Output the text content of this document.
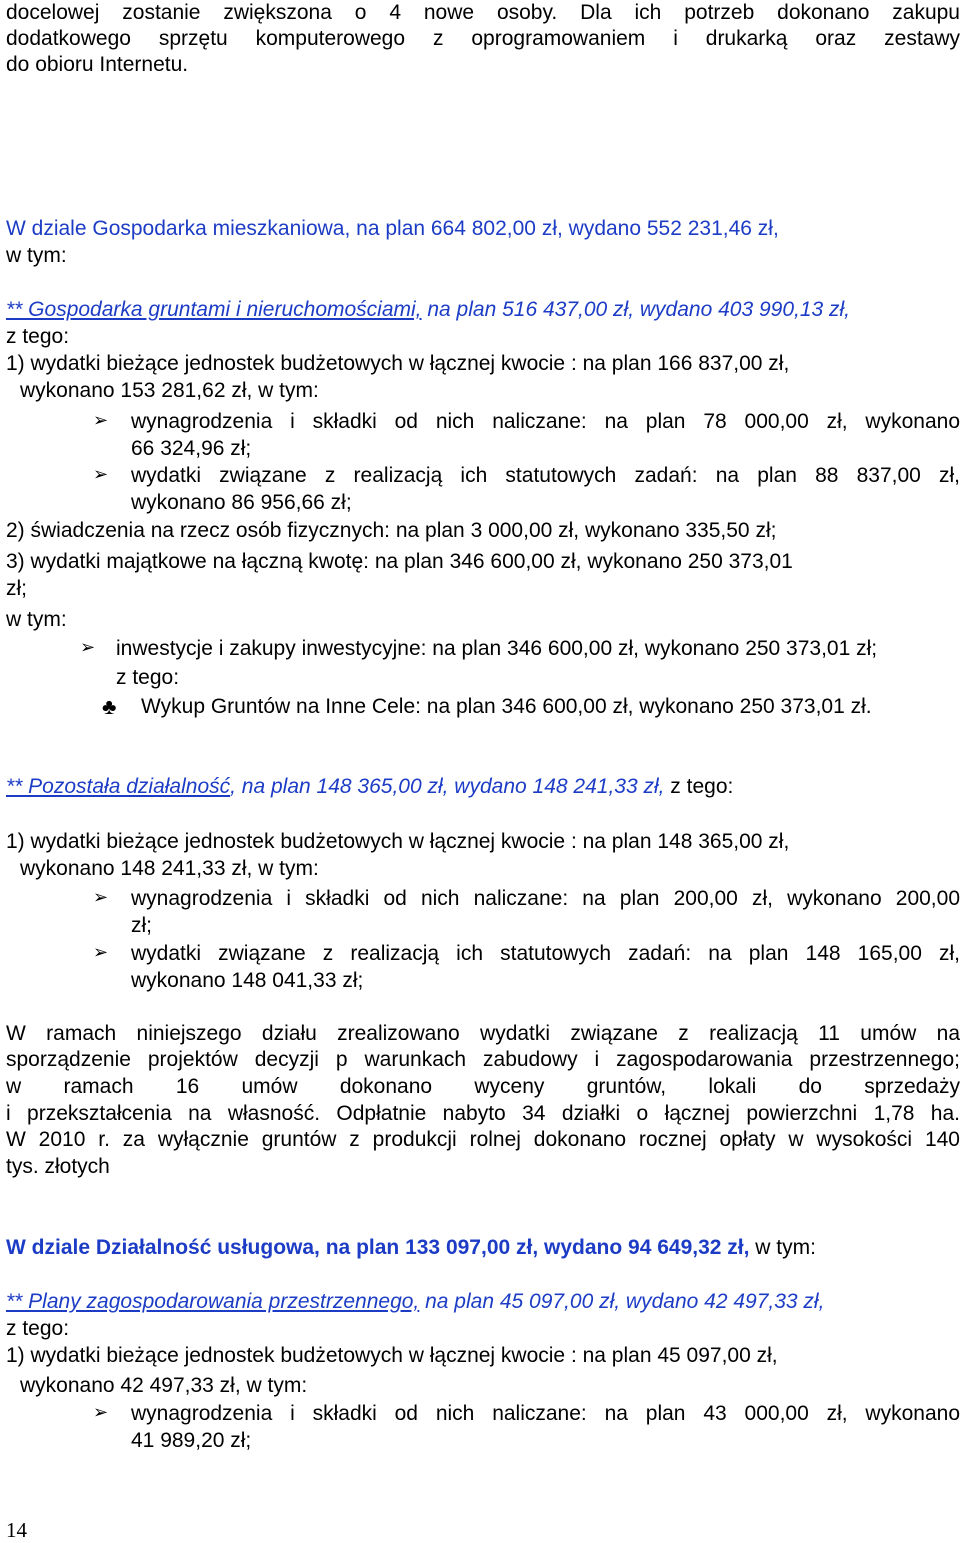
docelowej zostanie zwiększona o 4 nowe osoby. Dla ich potrzeb dokonano zakupu
dodatkowego sprzętu komputerowego z oprogramowaniem i drukarką oraz zestawy
do obioru Internetu.
W dziale Gospodarka mieszkaniowa, na plan 664 802,00 zł, wydano 552 231,46 zł,
w tym:
** Gospodarka gruntami i nieruchomościami, na plan 516 437,00 zł, wydano 403 990,13 zł,
z tego:
1) wydatki bieżące jednostek budżetowych w łącznej kwocie : na plan 166 837,00 zł,
wykonano 153 281,62 zł, w tym:
➢ wynagrodzenia i składki od nich naliczane: na plan 78 000,00 zł, wykonano
66 324,96 zł;
➢ wydatki związane z realizacją ich statutowych zadań: na plan 88 837,00 zł,
wykonano 86 956,66 zł;
2) świadczenia na rzecz osób fizycznych: na plan 3 000,00 zł, wykonano 335,50 zł;
3) wydatki majątkowe na łączną kwotę: na plan 346 600,00 zł, wykonano 250 373,01
zł;
w tym:
➢ inwestycje i zakupy inwestycyjne: na plan 346 600,00 zł, wykonano 250 373,01 zł;
z tego:
♣ Wykup Gruntów na Inne Cele: na plan 346 600,00 zł, wykonano 250 373,01 zł.
** Pozostała działalność, na plan 148 365,00 zł, wydano 148 241,33 zł, z tego:
1) wydatki bieżące jednostek budżetowych w łącznej kwocie : na plan 148 365,00 zł,
wykonano 148 241,33 zł, w tym:
➢ wynagrodzenia i składki od nich naliczane: na plan 200,00 zł, wykonano 200,00
zł;
➢ wydatki związane z realizacją ich statutowych zadań: na plan 148 165,00 zł,
wykonano 148 041,33 zł;
W ramach niniejszego działu zrealizowano wydatki związane z realizacją 11 umów na
sporządzenie projektów decyzji p warunkach zabudowy i zagospodarowania przestrzennego;
w ramach 16 umów dokonano wyceny gruntów, lokali do sprzedaży
i przekształcenia na własność. Odpłatnie nabyto 34 działki o łącznej powierzchni 1,78 ha.
W 2010 r. za wyłącznie gruntów z produkcji rolnej dokonano rocznej opłaty w wysokości 140
tys. złotych
W dziale Działalność usługowa, na plan 133 097,00 zł, wydano 94 649,32 zł, w tym:
** Plany zagospodarowania przestrzennego, na plan 45 097,00 zł, wydano 42 497,33 zł,
z tego:
1) wydatki bieżące jednostek budżetowych w łącznej kwocie : na plan 45 097,00 zł,
wykonano 42 497,33 zł, w tym:
➢ wynagrodzenia i składki od nich naliczane: na plan 43 000,00 zł, wykonano
41 989,20 zł;
14
